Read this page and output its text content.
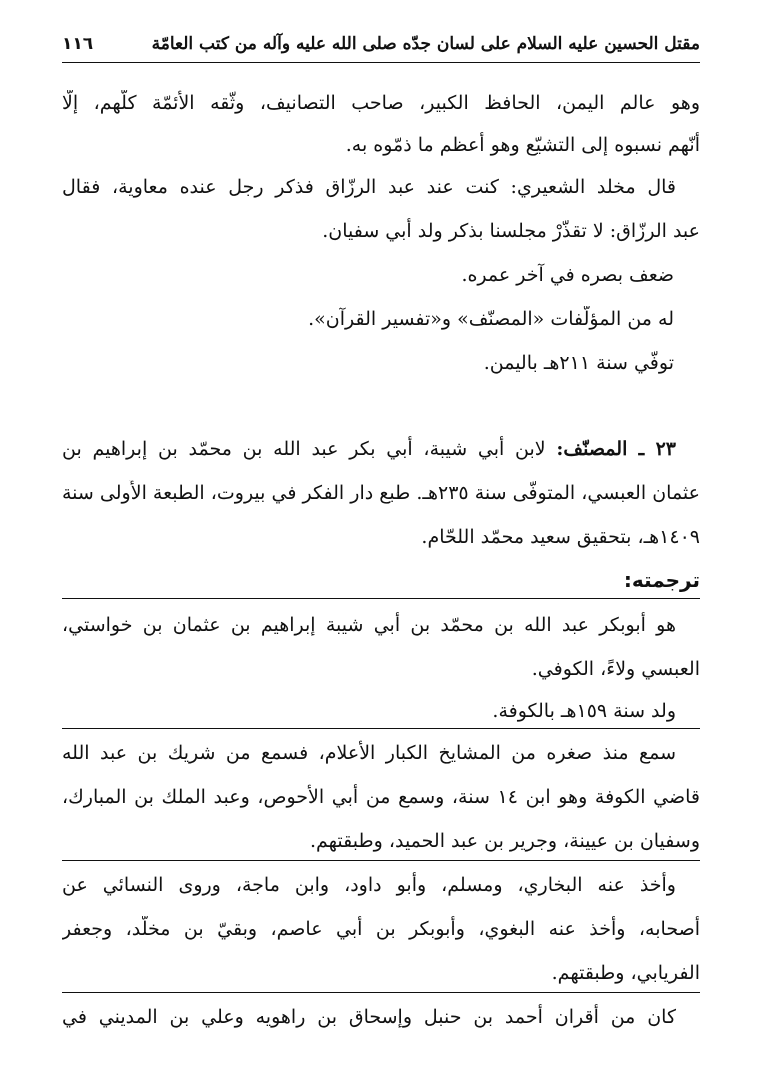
مقتل الحسين عليه السلام على لسان جدّه صلى الله عليه وآله من كتب العامّة
١١٦
وهو عالم اليمن، الحافظ الكبير، صاحب التصانيف، وثّقه الأئمّة كلّهم، إلّا
أنّهم نسبوه إلى التشيّع وهو أعظم ما ذمّوه به.
قال مخلد الشعيري: كنت عند عبد الرزّاق فذكر رجل عنده معاوية، فقال
عبد الرزّاق: لا تقذّرْ مجلسنا بذكر ولد أبي سفيان.
ضعف بصره في آخر عمره.
له من المؤلّفات «المصنّف» و«تفسير القرآن».
توفّي سنة ٢١١هـ باليمن.
٢٣ ـ المصنّف: لابن أبي شيبة، أبي بكر عبد الله بن محمّد بن إبراهيم بن
عثمان العبسي، المتوفّى سنة ٢٣٥هـ. طبع دار الفكر في بيروت، الطبعة الأُولى سنة
١٤٠٩هـ، بتحقيق سعيد محمّد اللحّام.
ترجمته:
هو أبوبكر عبد الله بن محمّد بن أبي شيبة إبراهيم بن عثمان بن خواستي،
العبسي ولاءً، الكوفي.
ولد سنة ١٥٩هـ بالكوفة.
سمع منذ صغره من المشايخ الكبار الأعلام، فسمع من شريك بن عبد الله
قاضي الكوفة وهو ابن ١٤ سنة، وسمع من أبي الأحوص، وعبد الملك بن المبارك،
وسفيان بن عيينة، وجرير بن عبد الحميد، وطبقتهم.
وأخذ عنه البخاري، ومسلم، وأبو داود، وابن ماجة، وروى النسائي عن
أصحابه، وأخذ عنه البغوي، وأبوبكر بن أبي عاصم، وبقيّ بن مخلّد، وجعفر
الفريابي، وطبقتهم.
كان من أقران أحمد بن حنبل وإسحاق بن راهويه وعلي بن المديني في
